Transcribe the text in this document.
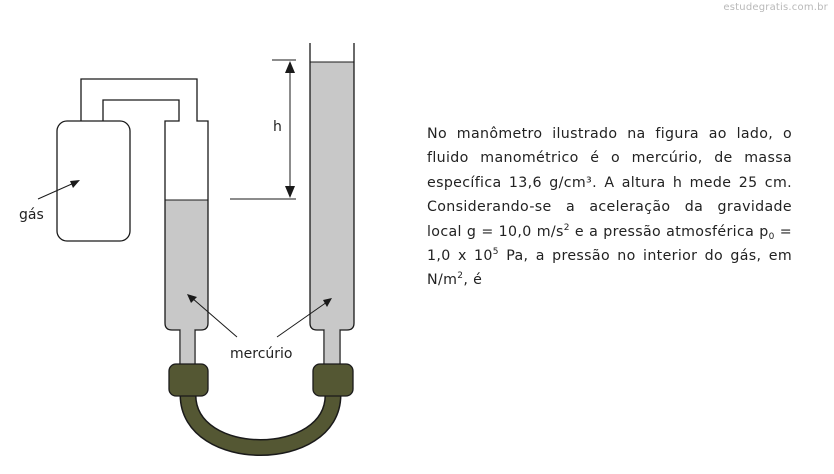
estudegratis.com.br
gás
h
mercúrio
No manômetro ilustrado na figura ao lado, o fluido manométrico é o mercúrio, de massa específica 13,6 g/cm³. A altura h mede 25 cm. Considerando-se a aceleração da gravidade local g = 10,0 $m/s^2$ e a pressão atmosférica $p_0 = 1,0$ x $10^5$ Pa, a pressão no interior do gás, em $N/m^2$, é
